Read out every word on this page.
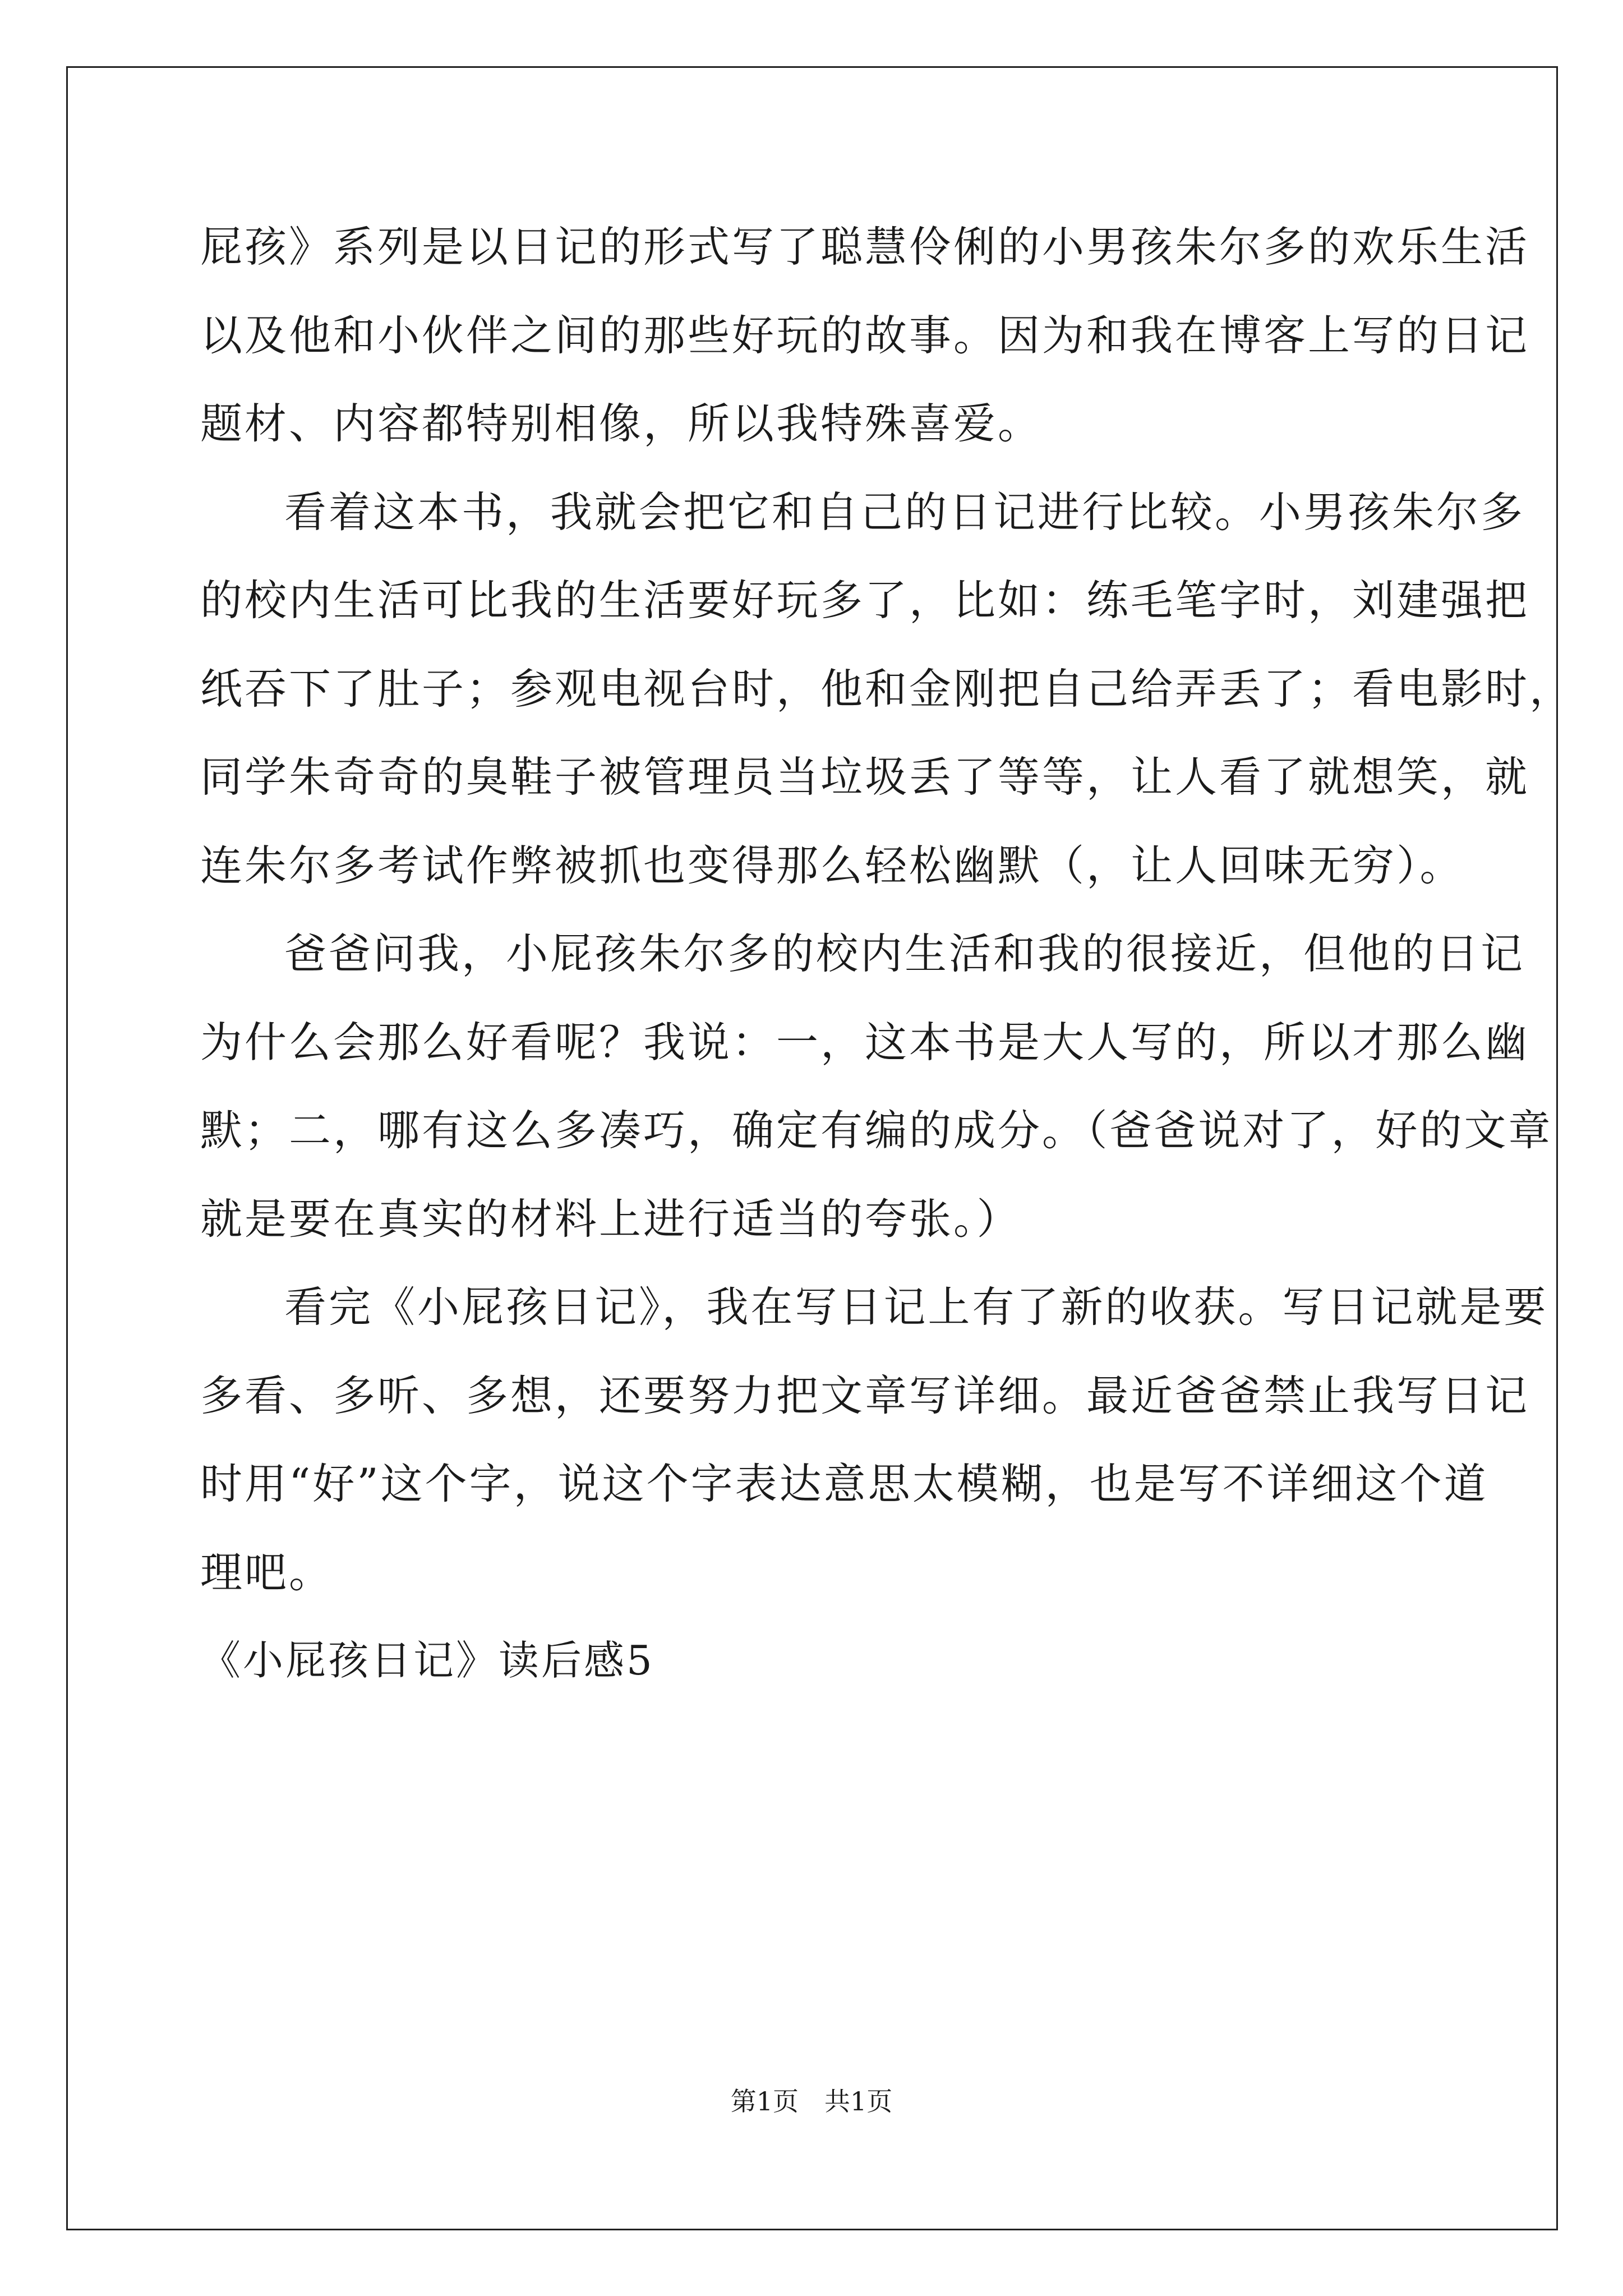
屁孩》系列是以日记的形式写了聪慧伶俐的小男孩朱尔多的欢乐生活
以及他和小伙伴之间的那些好玩的故事。因为和我在博客上写的日记
题材、内容都特别相像，所以我特殊喜爱。
看着这本书，我就会把它和自己的日记进行比较。小男孩朱尔多
的校内生活可比我的生活要好玩多了，比如：练毛笔字时，刘建强把
纸吞下了肚子；参观电视台时，他和金刚把自己给弄丢了；看电影时，
同学朱奇奇的臭鞋子被管理员当垃圾丢了等等，让人看了就想笑，就
连朱尔多考试作弊被抓也变得那么轻松幽默（，让人回味无穷）。
爸爸问我，小屁孩朱尔多的校内生活和我的很接近，但他的日记
为什么会那么好看呢？我说：一，这本书是大人写的，所以才那么幽
默；二，哪有这么多凑巧，确定有编的成分。（爸爸说对了，好的文章
就是要在真实的材料上进行适当的夸张。）
看完《小屁孩日记》，我在写日记上有了新的收获。写日记就是要
多看、多听、多想，还要努力把文章写详细。最近爸爸禁止我写日记
时用“好”这个字，说这个字表达意思太模糊，也是写不详细这个道
理吧。
《小屁孩日记》读后感5
第1页　共1页
